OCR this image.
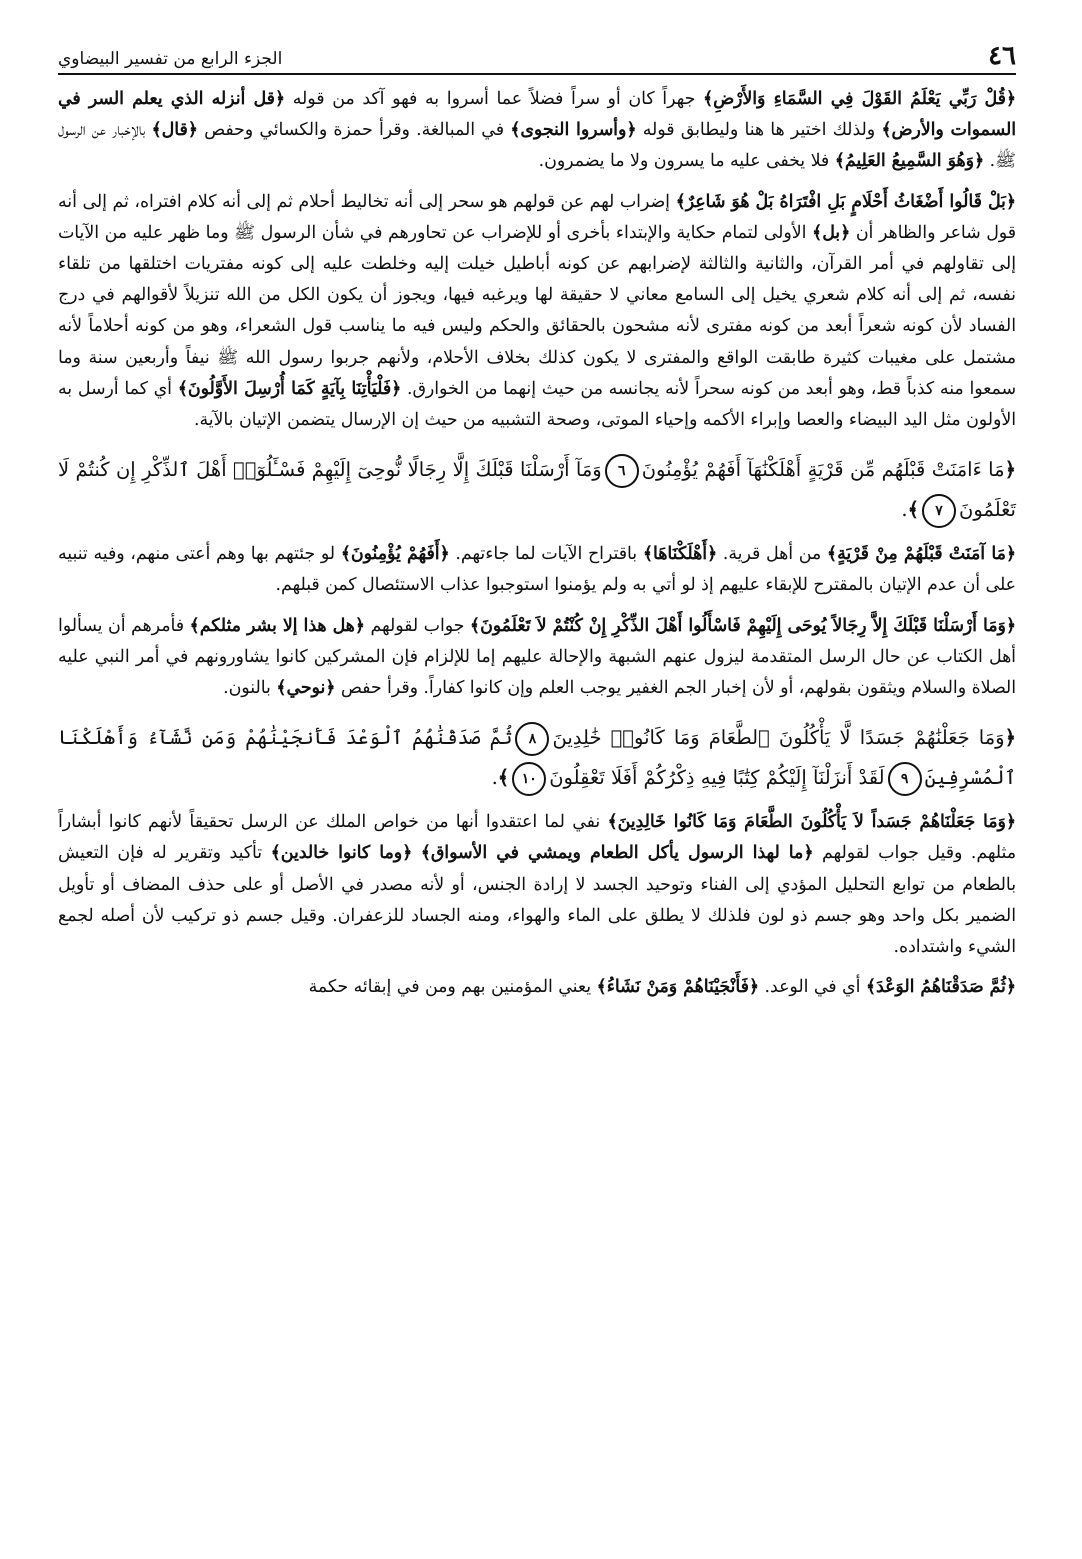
٤٦
الجزء الرابع من تفسير البيضاوي

﴿قُلْ رَبِّي يَعْلَمُ القَوْلَ فِي السَّمَاءِ وَالأَرْضِ﴾ جهراً كان أو سراً فضلاً عما أسروا به فهو آكد من قوله ﴿قل أنزله الذي يعلم السر في السموات والأرض﴾ ولذلك اختير ها هنا وليطابق قوله ﴿وأسروا النجوى﴾ في المبالغة. وقرأ حمزة والكسائي وحفص ﴿قال﴾ بالإخبار عن الرسول ﷺ. ﴿وَهُوَ السَّمِيعُ العَلِيمُ﴾ فلا يخفى عليه ما يسرون ولا ما يضمرون.

﴿بَلْ قَالُوا أَضْغَاثُ أَحْلَامٍ بَلِ افْتَرَاهُ بَلْ هُوَ شَاعِرٌ﴾ إضراب لهم عن قولهم هو سحر إلى أنه تخاليط أحلام ثم إلى أنه كلام افتراه، ثم إلى أنه قول شاعر والظاهر أن ﴿بل﴾ الأولى لتمام حكاية والإبتداء بأخرى أو للإضراب عن تحاورهم في شأن الرسول ﷺ وما ظهر عليه من الآيات إلى تقاولهم في أمر القرآن، والثانية والثالثة لإضرابهم عن كونه أباطيل خيلت إليه وخلطت عليه إلى كونه مفتريات اختلقها من تلقاء نفسه، ثم إلى أنه كلام شعري يخيل إلى السامع معاني لا حقيقة لها ويرغبه فيها، ويجوز أن يكون الكل من الله تنزيلاً لأقوالهم في درج الفساد لأن كونه شعراً أبعد من كونه مفترى لأنه مشحون بالحقائق والحكم وليس فيه ما يناسب قول الشعراء، وهو من كونه أحلاماً لأنه مشتمل على مغيبات كثيرة طابقت الواقع والمفترى لا يكون كذلك بخلاف الأحلام، ولأنهم جربوا رسول الله ﷺ نيفاً وأربعين سنة وما سمعوا منه كذباً قط، وهو أبعد من كونه سحراً لأنه يجانسه من حيث إنهما من الخوارق. ﴿فَلْيَأْتِنَا بِآيَةٍ كَمَا أُرْسِلَ الأَوَّلُونَ﴾ أي كما أرسل به الأولون مثل اليد البيضاء والعصا وإبراء الأكمه وإحياء الموتى، وصحة التشبيه من حيث إن الإرسال يتضمن الإتيان بالآية.

﴿مَا ءَامَنَتْ قَبْلَهُم مِّن قَرْيَةٍ أَهْلَكْنَٰهَآ أَفَهُمْ يُؤْمِنُونَ٦وَمَآ أَرْسَلْنَا قَبْلَكَ إِلَّا رِجَالًا نُّوحِىٓ إِلَيْهِمْ فَسْـَٔلُوٓا۟ أَهْلَ ٱلذِّكْرِ إِن كُنتُمْ لَا تَعْلَمُونَ٧﴾.

﴿مَا آمَنَتْ قَبْلَهُمْ مِنْ قَرْيَةٍ﴾ من أهل قرية. ﴿أَهْلَكْنَاهَا﴾ باقتراح الآيات لما جاءتهم. ﴿أَفَهُمْ يُؤْمِنُونَ﴾ لو جئتهم بها وهم أعتى منهم، وفيه تنبيه على أن عدم الإتيان بالمقترح للإبقاء عليهم إذ لو أتي به ولم يؤمنوا استوجبوا عذاب الاستئصال كمن قبلهم.

﴿وَمَا أَرْسَلْنَا قَبْلَكَ إِلاَّ رِجَالاً يُوحَى إِلَيْهِمْ فَاسْأَلُوا أَهْلَ الذِّكْرِ إِنْ كُنْتُمْ لاَ تَعْلَمُونَ﴾ جواب لقولهم ﴿هل هذا إلا بشر مثلكم﴾ فأمرهم أن يسألوا أهل الكتاب عن حال الرسل المتقدمة ليزول عنهم الشبهة والإحالة عليهم إما للإلزام فإن المشركين كانوا يشاورونهم في أمر النبي عليه الصلاة والسلام ويثقون بقولهم، أو لأن إخبار الجم الغفير يوجب العلم وإن كانوا كفاراً. وقرأ حفص ﴿نوحي﴾ بالنون.

﴿وَمَا جَعَلْنَٰهُمْ جَسَدًا لَّا يَأْكُلُونَ ٱلطَّعَامَ وَمَا كَانُوا۟ خَٰلِدِينَ٨ثُمَّ صَدَقْنَٰهُمُ ٱلْوَعْدَ فَأَنجَيْنَٰهُمْ وَمَن نَّشَآءُ وَأَهْلَكْنَا ٱلْمُسْرِفِينَ٩لَقَدْ أَنزَلْنَآ إِلَيْكُمْ كِتَٰبًا فِيهِ ذِكْرُكُمْ أَفَلَا تَعْقِلُونَ١٠﴾.

﴿وَمَا جَعَلْنَاهُمْ جَسَداً لاَ يَأْكُلُونَ الطَّعَامَ وَمَا كَانُوا خَالِدِينَ﴾ نفي لما اعتقدوا أنها من خواص الملك عن الرسل تحقيقاً لأنهم كانوا أبشاراً مثلهم. وقيل جواب لقولهم ﴿ما لهذا الرسول يأكل الطعام ويمشي في الأسواق﴾ ﴿وما كانوا خالدين﴾ تأكيد وتقرير له فإن التعيش بالطعام من توابع التحليل المؤدي إلى الفناء وتوحيد الجسد لا إرادة الجنس، أو لأنه مصدر في الأصل أو على حذف المضاف أو تأويل الضمير بكل واحد وهو جسم ذو لون فلذلك لا يطلق على الماء والهواء، ومنه الجساد للزعفران. وقيل جسم ذو تركيب لأن أصله لجمع الشيء واشتداده.

﴿ثُمَّ صَدَقْنَاهُمُ الوَعْدَ﴾ أي في الوعد. ﴿فَأَنْجَيْنَاهُمْ وَمَنْ نَشَاءُ﴾ يعني المؤمنين بهم ومن في إبقائه حكمة
